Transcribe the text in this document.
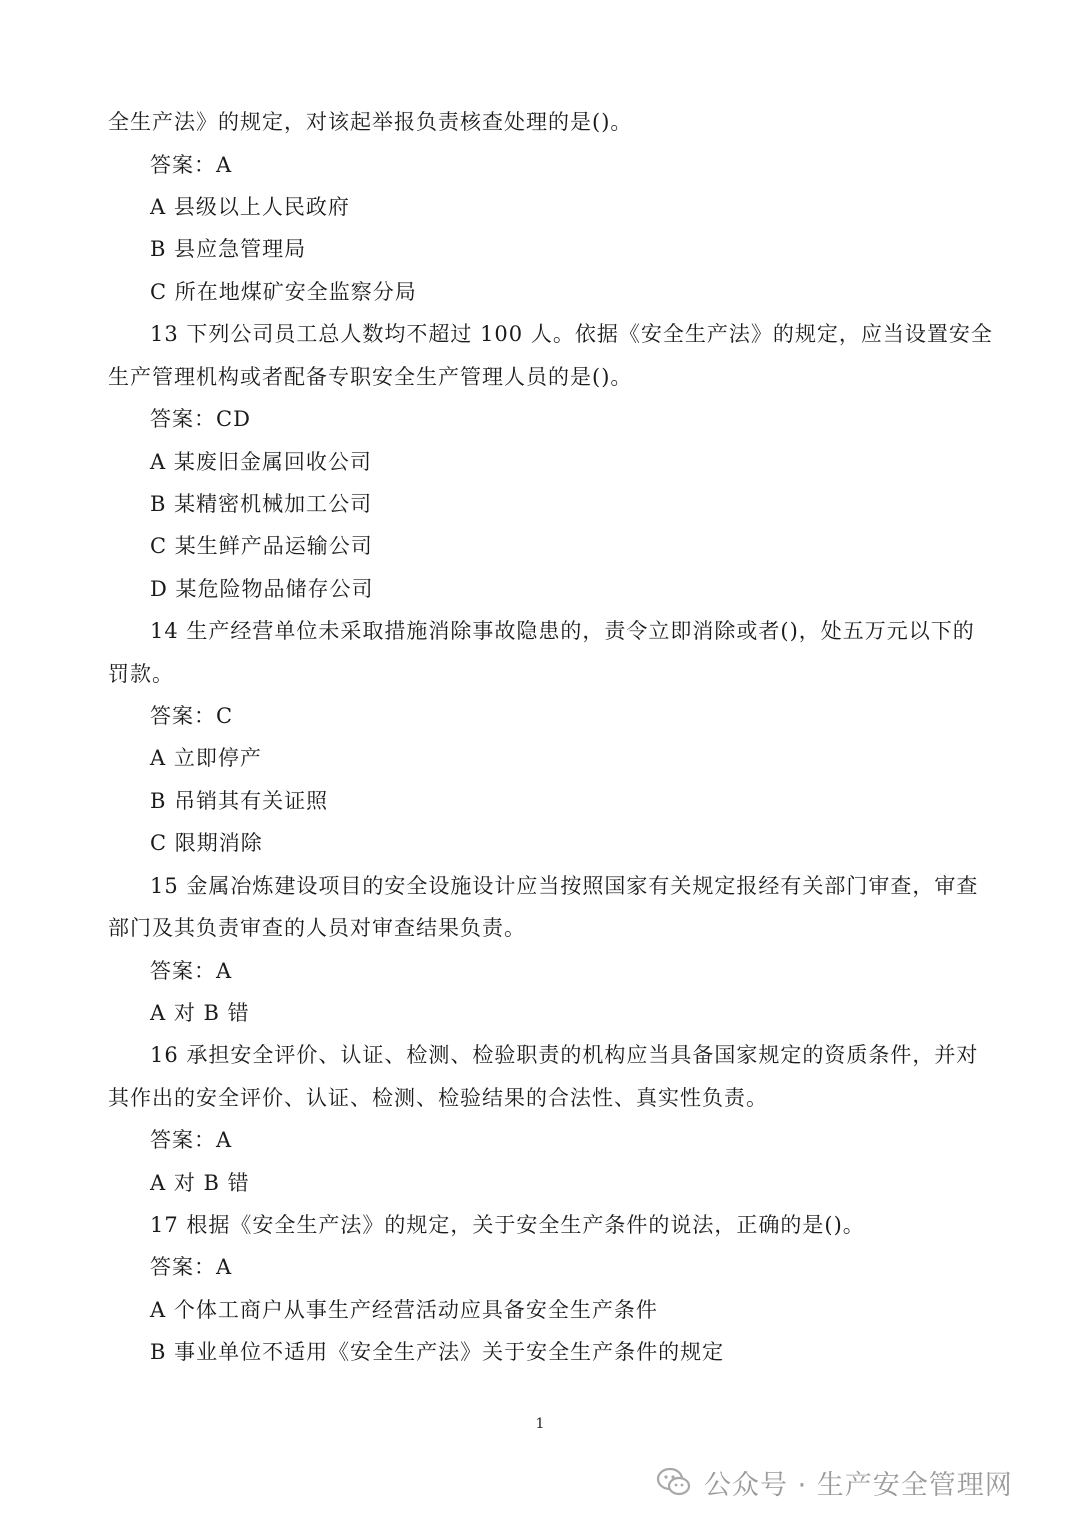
全生产法》的规定，对该起举报负责核查处理的是()。
答案：A
A 县级以上人民政府
B 县应急管理局
C 所在地煤矿安全监察分局
13 下列公司员工总人数均不超过 100 人。依据《安全生产法》的规定，应当设置安全
生产管理机构或者配备专职安全生产管理人员的是()。
答案：CD
A 某废旧金属回收公司
B 某精密机械加工公司
C 某生鲜产品运输公司
D 某危险物品储存公司
14 生产经营单位未采取措施消除事故隐患的，责令立即消除或者()，处五万元以下的
罚款。
答案：C
A 立即停产
B 吊销其有关证照
C 限期消除
15 金属冶炼建设项目的安全设施设计应当按照国家有关规定报经有关部门审查，审查
部门及其负责审查的人员对审查结果负责。
答案：A
A 对 B 错
16 承担安全评价、认证、检测、检验职责的机构应当具备国家规定的资质条件，并对
其作出的安全评价、认证、检测、检验结果的合法性、真实性负责。
答案：A
A 对 B 错
17 根据《安全生产法》的规定，关于安全生产条件的说法，正确的是()。
答案：A
A 个体工商户从事生产经营活动应具备安全生产条件
B 事业单位不适用《安全生产法》关于安全生产条件的规定
1
公众号 · 生产安全管理网
